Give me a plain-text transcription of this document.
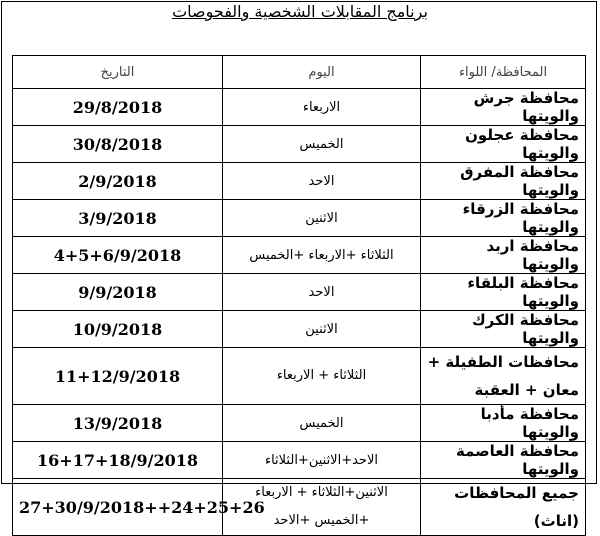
برنامج المقابلات الشخصية والفحوصات
المحافظة/ اللواء	اليوم	التاريخ
محافظة جرش والويتها	الاربعاء	29/8/2018
محافظة عجلون والويتها	الخميس	30/8/2018
محافظة المفرق والويتها	الاحد	2/9/2018
محافظة الزرقاء والويتها	الاثنين	3/9/2018
محافظة اربد والويتها	الثلاثاء +الاربعاء +الخميس	4+5+6/9/2018
محافظة البلقاء والويتها	الاحد	9/9/2018
محافظة الكرك والويتها	الاثنين	10/9/2018
محافظات الطفيلة + معان + العقبة	الثلاثاء + الاربعاء	11+12/9/2018
محافظة مأدبا والويتها	الخميس	13/9/2018
محافظة العاصمة والويتها	الاحد+الاثنين+الثلاثاء	16+17+18/9/2018
جميع المحافظات (اناث)	الاثنين+الثلاثاء + الاربعاء +الخميس +الاحد	27+30/9/2018++24+25+26
